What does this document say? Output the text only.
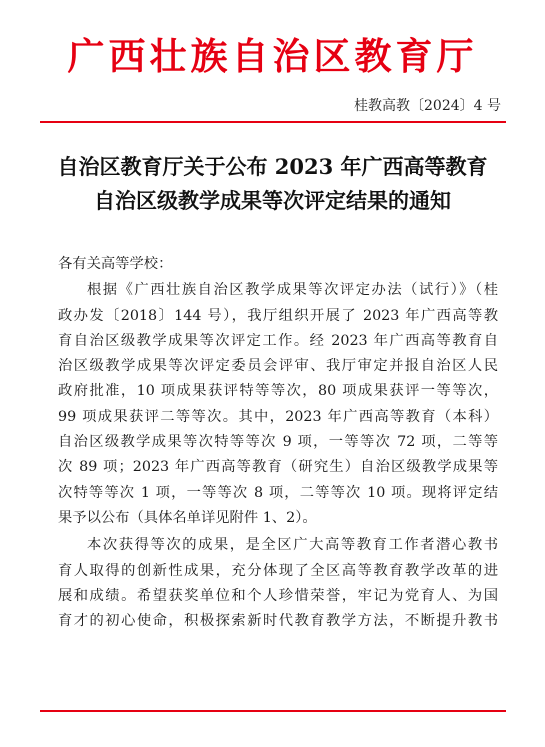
广西壮族自治区教育厅
桂教高教〔2024〕4 号
自治区教育厅关于公布 2023 年广西高等教育
自治区级教学成果等次评定结果的通知
各有关高等学校：
根据《广西壮族自治区教学成果等次评定办法（试行）》（桂
政办发〔2018〕144 号），我厅组织开展了 2023 年广西高等教
育自治区级教学成果等次评定工作。经 2023 年广西高等教育自
治区级教学成果等次评定委员会评审、我厅审定并报自治区人民
政府批准，10 项成果获评特等等次，80 项成果获评一等等次，
99 项成果获评二等等次。其中，2023 年广西高等教育（本科）
自治区级教学成果等次特等等次 9 项，一等等次 72 项，二等等
次 89 项；2023 年广西高等教育（研究生）自治区级教学成果等
次特等等次 1 项，一等等次 8 项，二等等次 10 项。现将评定结
果予以公布（具体名单详见附件 1、2）。
本次获得等次的成果，是全区广大高等教育工作者潜心教书
育人取得的创新性成果，充分体现了全区高等教育教学改革的进
展和成绩。希望获奖单位和个人珍惜荣誉，牢记为党育人、为国
育才的初心使命，积极探索新时代教育教学方法，不断提升教书
